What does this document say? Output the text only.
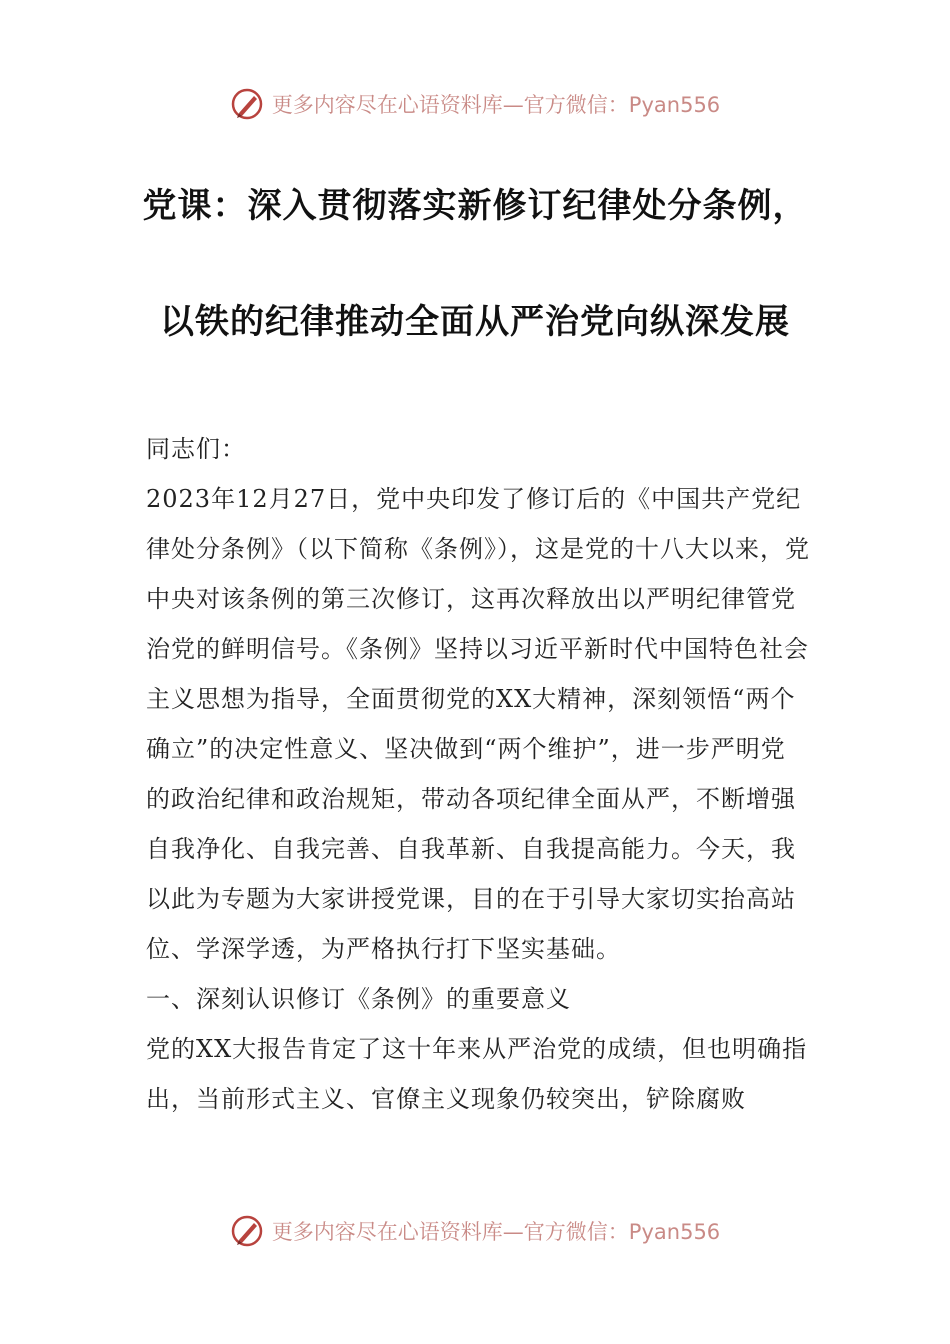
更多内容尽在心语资料库—官方微信：Pyan556
党课：深入贯彻落实新修订纪律处分条例，
以铁的纪律推动全面从严治党向纵深发展

同志们：

2023年12月27日，党中央印发了修订后的《中国共产党纪律处分条例》（以下简称《条例》），这是党的十八大以来，党中央对该条例的第三次修订，这再次释放出以严明纪律管党治党的鲜明信号。《条例》坚持以习近平新时代中国特色社会主义思想为指导，全面贯彻党的XX大精神，深刻领悟“两个确立”的决定性意义、坚决做到“两个维护”，进一步严明党的政治纪律和政治规矩，带动各项纪律全面从严，不断增强自我净化、自我完善、自我革新、自我提高能力。今天，我以此为专题为大家讲授党课，目的在于引导大家切实抬高站位、学深学透，为严格执行打下坚实基础。

一、深刻认识修订《条例》的重要意义

党的XX大报告肯定了这十年来从严治党的成绩，但也明确指出，当前形式主义、官僚主义现象仍较突出，铲除腐败

更多内容尽在心语资料库—官方微信：Pyan556
